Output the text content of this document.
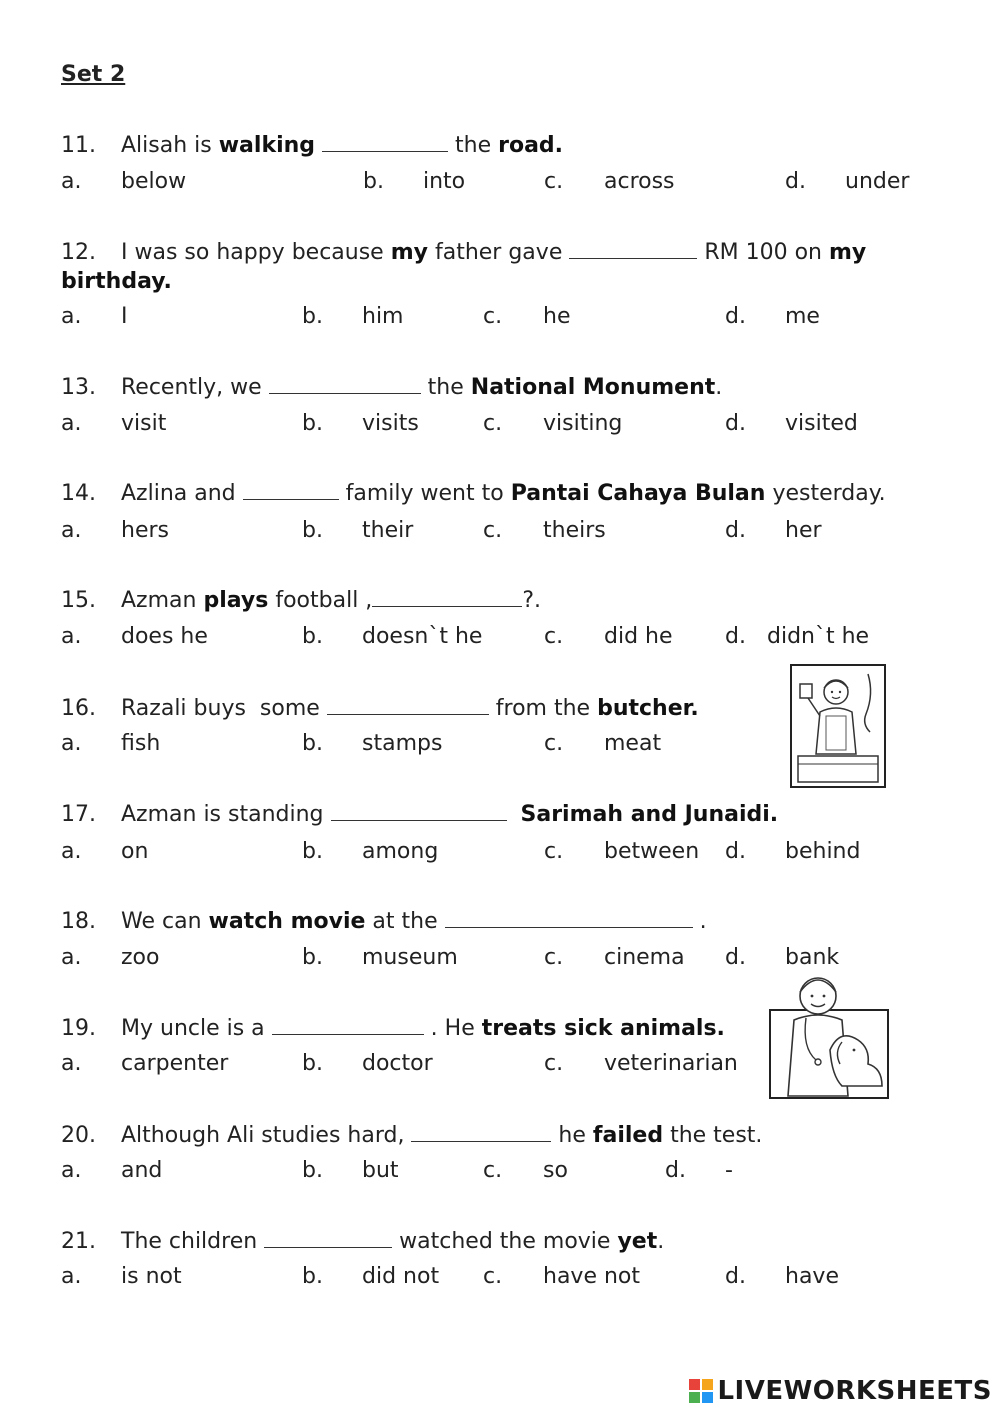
Set 2
11. Alisah is walking	the road.
a. below	b. into	c. across	d. under
12. I was so happy because my father gave	RM 100 on my
birthday.
a. I	b. him	c. he	d. me
13. Recently, we	the National Monument.
a. visit	b. visits	c. visiting	d. visited
14. Azlina and	family went to Pantai Cahaya Bulan yesterday.
a. hers	b. their	c. theirs	d. her
15. Azman plays football ,	?.
a. does he	b. doesn`t he	c. did he d. didn`t he
16. Razali buys  some	from the butcher.
a. fish	b. stamps	c. meat
17. Azman is standing	Sarimah and Junaidi.
a. on	b. among	c. between d. behind
18. We can watch movie at the	.
a. zoo	b. museum	c. cinema d. bank
19. My uncle is a	. He treats sick animals.
a. carpenter	b. doctor	c. veterinarian
20. Although Ali studies hard,	he failed the test.
a. and	b. but	c. so	d. -
21. The children	watched the movie yet.
a. is not	b. did not c. have not	d. have
LIVEWORKSHEETS
